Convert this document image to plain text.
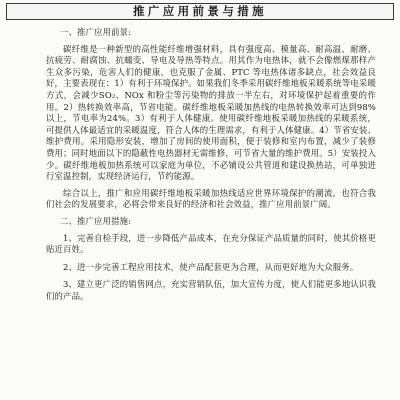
推广应用前景与措施

一、推广应用前景:

碳纤维是一种新型的高性能纤维增强材料，具有强度高、模量高、耐高温、耐磨、抗疲劳、耐腐蚀、抗蠕变、导电及导热等特点。用其作为电热体，就不会像燃煤那样产生众多污染，危害人们的健康，也克服了金属、PTC 等电热体诸多缺点，社会效益良好，主要表现在：1）有利于环境保护。如果我们冬季采用碳纤维地板采暖系统等电采暖方式，会减少SO₂、NOx 和粉尘等污染物的排放一半左右，对环境保护起着重要的作用。2）热转换效率高，节省电能。碳纤维地板采暖加热线的电热转换效率可达到98%以上，节电率为24%。3）有利于人体健康。使用碳纤维地板采暖加热线的采暖系统，可提供人体最适宜的采暖温度，符合人体的生理需求，有利于人体健康。4）节省安装、维护费用。采用隐形安装，增加了房间的使用面积，便于装修和室内布置，减少了装修费用；同时地面以下的隐蔽性电热器材无需维修，可节省大量的维护费用。5）安装投入少。碳纤维地板加热系统可以家庭为单位，不必铺设公共管道和建设换热站，可单独进行室温控制，实现经济运行，节约能源。

综合以上，推广和应用碳纤维地板采暖加热线适应世界环境保护的潮流，也符合我们社会的发展要求，必将会带来良好的经济和社会效益，推广应用前景广阔。

二、推广应用措施:

1、完善自检手段，进一步降低产品成本，在充分保证产品质量的同时，使其价格更贴近百姓。

2、进一步完善工程应用技术，使产品配套更为合理，从而更好地为大众服务。

3、建立更广泛的销售网点，充实营销队伍，加大宣传力度，使人们能更多地认识我们的产品。
